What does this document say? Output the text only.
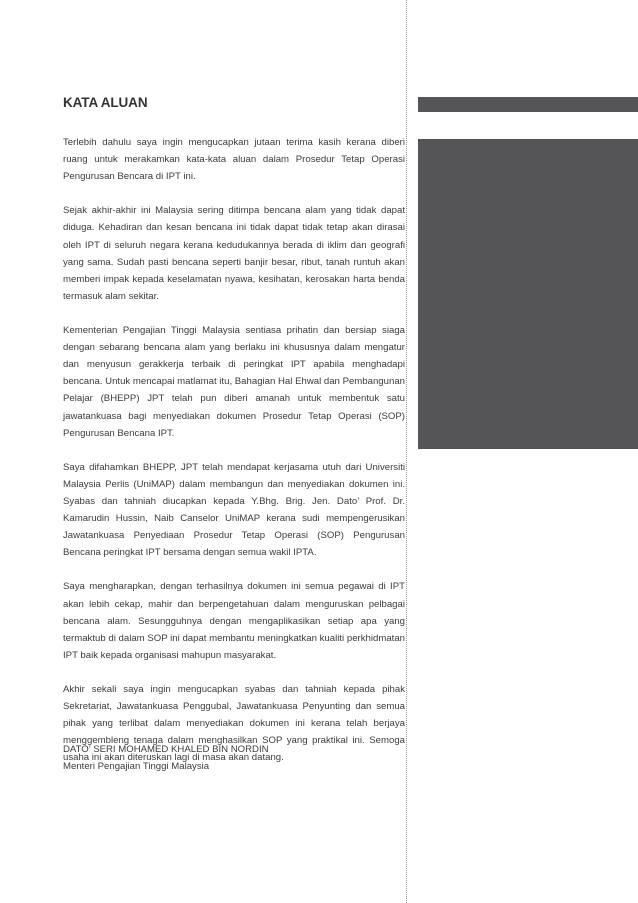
KATA ALUAN

Terlebih dahulu saya ingin mengucapkan jutaan terima kasih kerana diberi ruang untuk merakamkan kata-kata aluan dalam Prosedur Tetap Operasi Pengurusan Bencara di IPT ini.

Sejak akhir-akhir ini Malaysia sering ditimpa bencana alam yang tidak dapat diduga. Kehadiran dan kesan bencana ini tidak dapat tidak tetap akan dirasai oleh IPT di seluruh negara kerana kedudukannya berada di iklim dan geografi yang sama. Sudah pasti bencana seperti banjir besar, ribut, tanah runtuh akan memberi impak kepada keselamatan nyawa, kesihatan, kerosakan harta benda termasuk alam sekitar.

Kementerian Pengajian Tinggi Malaysia sentiasa prihatin dan bersiap siaga dengan sebarang bencana alam yang berlaku ini khususnya dalam mengatur dan menyusun gerakkerja terbaik di peringkat IPT apabila menghadapi bencana. Untuk mencapai matlamat itu, Bahagian Hal Ehwal dan Pembangunan Pelajar (BHEPP) JPT telah pun diberi amanah untuk membentuk satu jawatankuasa bagi menyediakan dokumen Prosedur Tetap Operasi (SOP) Pengurusan Bencana IPT.

Saya difahamkan BHEPP, JPT telah mendapat kerjasama utuh dari Universiti Malaysia Perlis (UniMAP) dalam membangun dan menyediakan dokumen ini. Syabas dan tahniah diucapkan kepada Y.Bhg. Brig. Jen. Dato’ Prof. Dr. Kamarudin Hussin, Naib Canselor UniMAP kerana sudi mempengerusikan Jawatankuasa Penyediaan Prosedur Tetap Operasi (SOP) Pengurusan Bencana peringkat IPT bersama dengan semua wakil IPTA.

Saya mengharapkan, dengan terhasilnya dokumen ini semua pegawai di IPT akan lebih cekap, mahir dan berpengetahuan dalam menguruskan pelbagai bencana alam. Sesungguhnya dengan mengaplikasikan setiap apa yang termaktub di dalam SOP ini dapat membantu meningkatkan kualiti perkhidmatan IPT baik kepada organisasi mahupun masyarakat.

Akhir sekali saya ingin mengucapkan syabas dan tahniah kepada pihak Sekretariat, Jawatankuasa Penggubal, Jawatankuasa Penyunting dan semua pihak yang terlibat dalam menyediakan dokumen ini kerana telah berjaya menggembleng tenaga dalam menghasilkan SOP yang praktikal ini. Semoga usaha ini akan diteruskan lagi di masa akan datang.

DATO’ SERI MOHAMED KHALED BIN NORDIN
Menteri Pengajian Tinggi Malaysia
